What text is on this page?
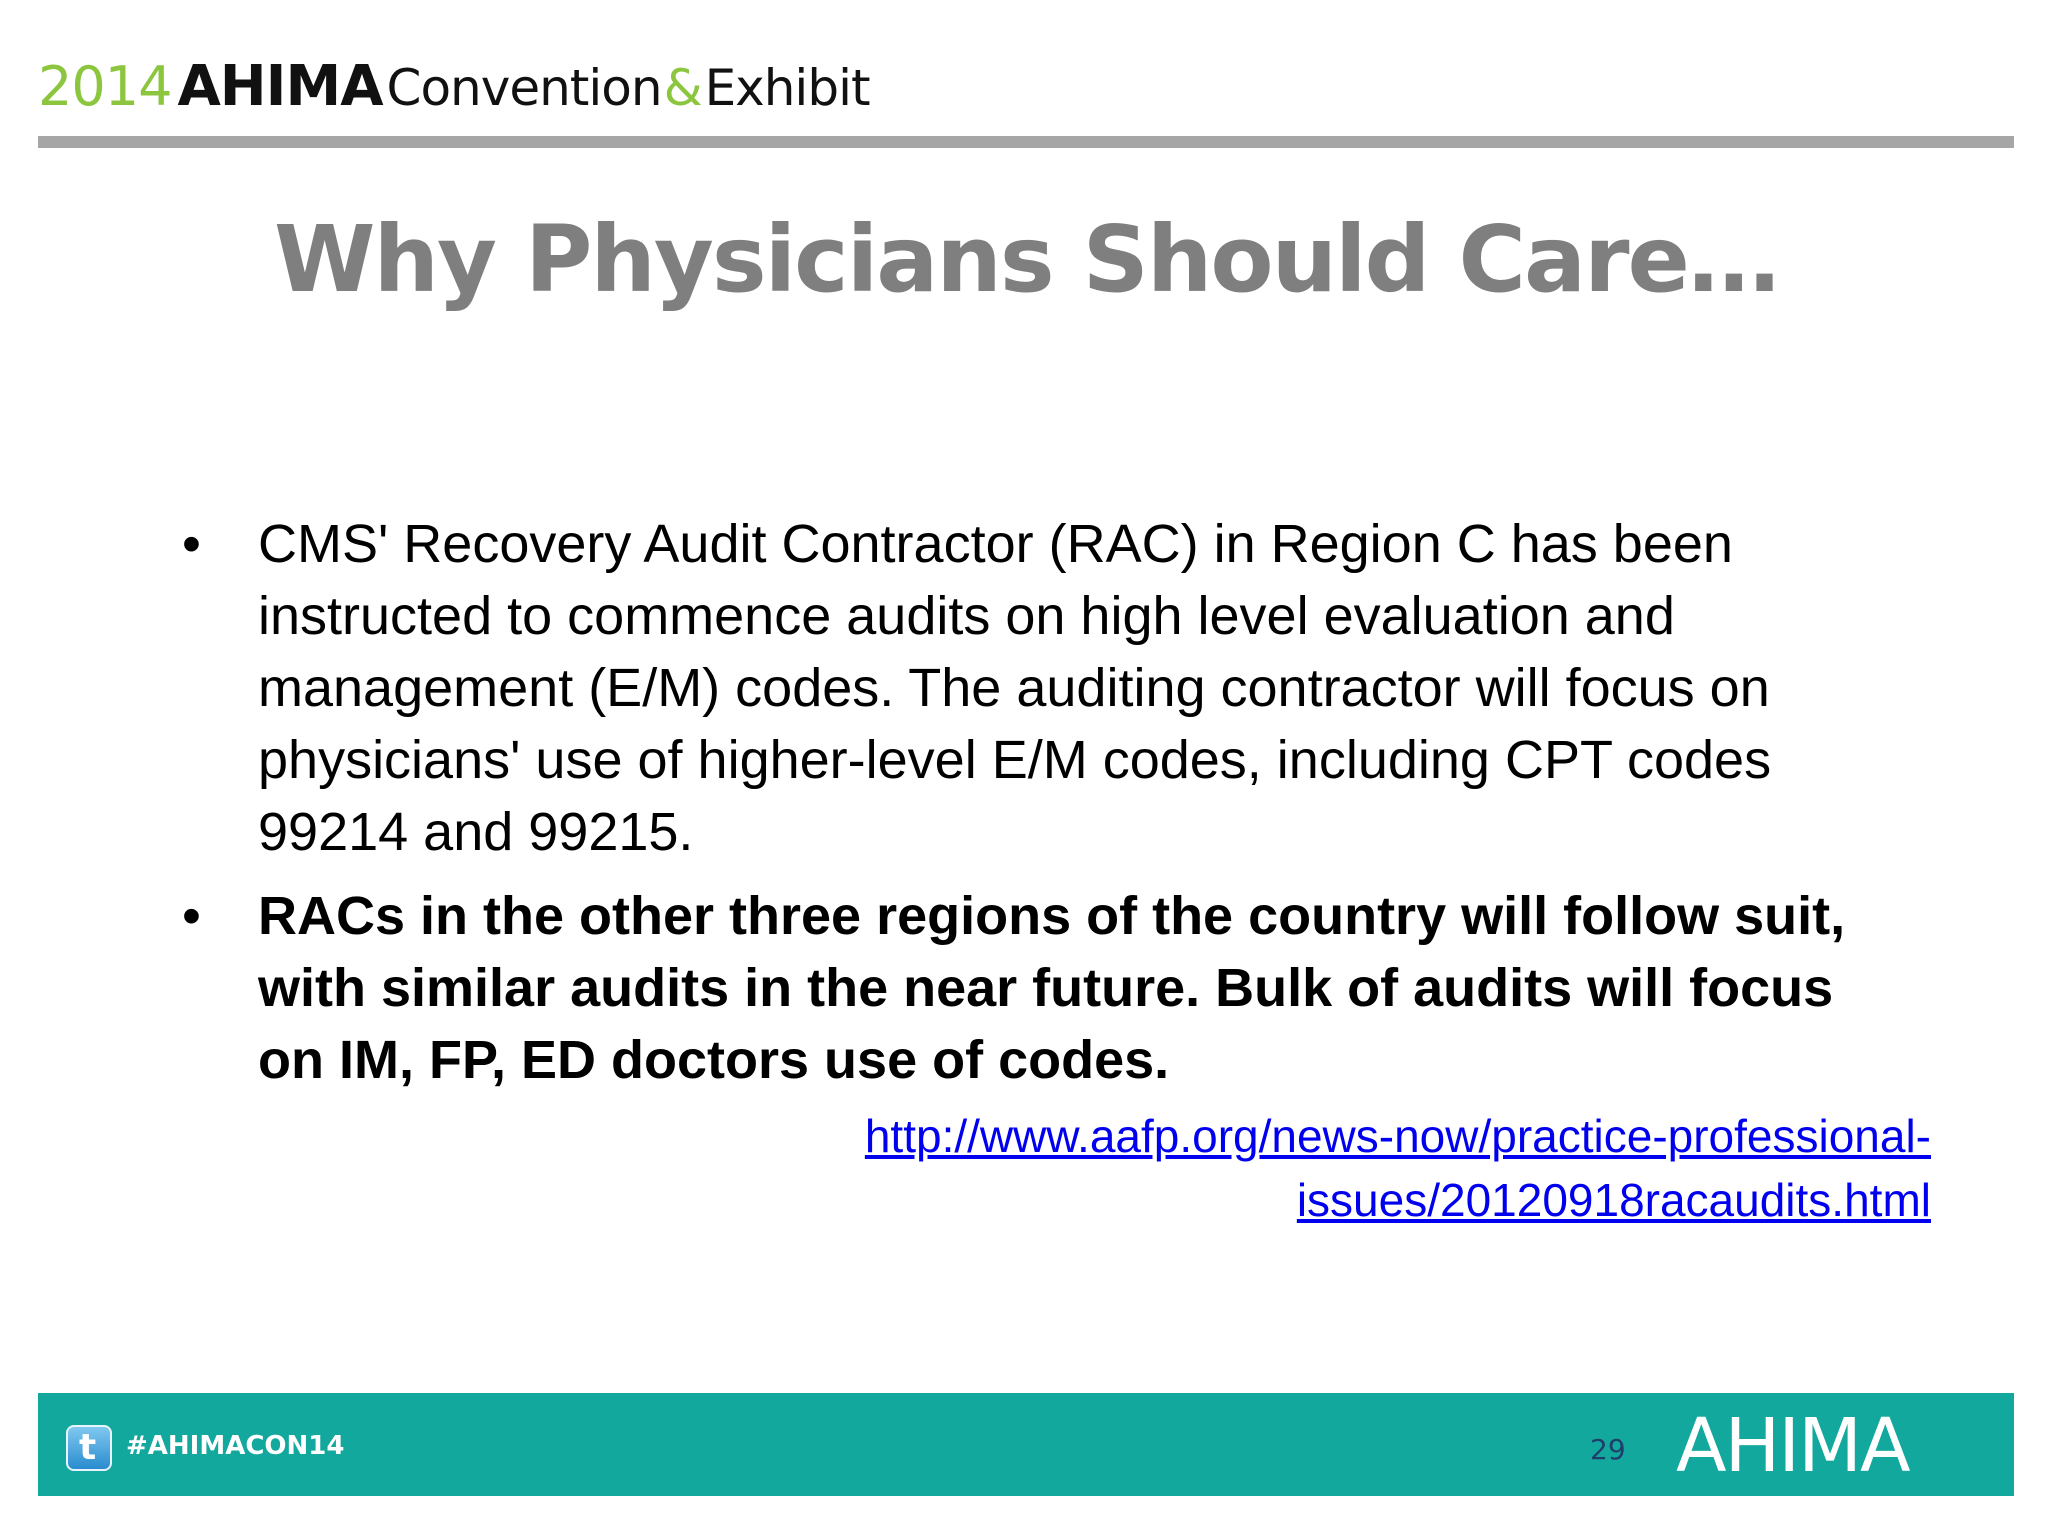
2014 AHIMA Convention & Exhibit
Why Physicians Should Care…
• CMS' Recovery Audit Contractor (RAC) in Region C has been instructed to commence audits on high level evaluation and management (E/M) codes. The auditing contractor will focus on physicians' use of higher-level E/M codes, including CPT codes 99214 and 99215.
• RACs in the other three regions of the country will follow suit, with similar audits in the near future. Bulk of audits will focus on IM, FP, ED doctors use of codes.
http://www.aafp.org/news-now/practice-professional-issues/20120918racaudits.html
t #AHIMACON14	29 AHIMA
